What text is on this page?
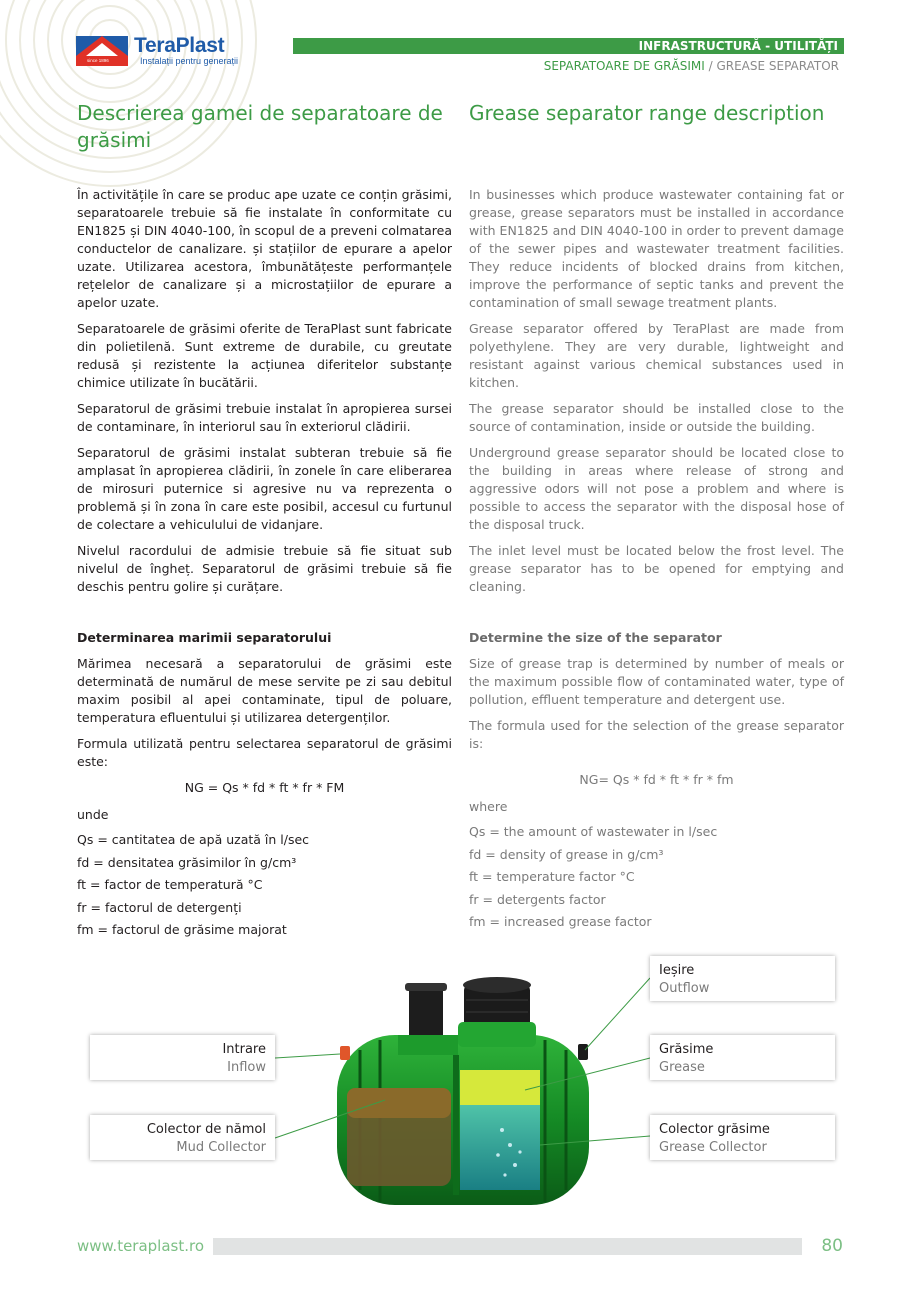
since 1896
TeraPlast
Instalații pentru generații
INFRASTRUCTURĂ - UTILITĂȚI
SEPARATOARE DE GRĂSIMI / GREASE SEPARATOR
Descrierea gamei de separatoare de grăsimi

În activitățile în care se produc ape uzate ce conțin grăsimi, separatoarele trebuie să fie instalate în conformitate cu EN1825 și DIN 4040-100, în scopul de a preveni colmatarea conductelor de canalizare. și stațiilor de epurare a apelor uzate. Utilizarea acestora, îmbunătățeste performanțele rețelelor de canalizare și a microstațiilor de epurare a apelor uzate.

Separatoarele de grăsimi oferite de TeraPlast sunt fabricate din polietilenă. Sunt extreme de durabile, cu greutate redusă și rezistente la acțiunea diferitelor substanțe chimice utilizate în bucătării.

Separatorul de grăsimi trebuie instalat în apropierea sursei de contaminare, în interiorul sau în exteriorul clădirii.

Separatorul de grăsimi instalat subteran trebuie să fie amplasat în apropierea clădirii, în zonele în care eliberarea de mirosuri puternice si agresive nu va reprezenta o problemă și în zona în care este posibil, accesul cu furtunul de colectare a vehiculului de vidanjare.

Nivelul racordului de admisie trebuie să fie situat sub nivelul de îngheț. Separatorul de grăsimi trebuie să fie deschis pentru golire și curățare.

Grease separator range description

In businesses which produce wastewater containing fat or grease, grease separators must be installed in accordance with EN1825 and DIN 4040-100 in order to prevent damage of the sewer pipes and wastewater treatment facilities. They reduce incidents of blocked drains from kitchen, improve the performance of septic tanks and prevent the contamination of small sewage treatment plants.

Grease separator offered by TeraPlast are made from polyethylene. They are very durable, lightweight and resistant against various chemical substances used in kitchen.

The grease separator should be installed close to the source of contamination, inside or outside the building.

Underground grease separator should be located close to the building in areas where release of strong and aggressive odors will not pose a problem and where is possible to access the separator with the disposal hose of the disposal truck.

The inlet level must be located below the frost level. The grease separator has to be opened for emptying and cleaning.

Determinarea marimii separatorului

Mărimea necesară a separatorului de grăsimi este determinată de numărul de mese servite pe zi sau debitul maxim posibil al apei contaminate, tipul de poluare, temperatura efluentului și utilizarea detergenților.

Formula utilizată pentru selectarea separatorul de grăsimi este:

NG = Qs * fd * ft * fr * FM
unde
Qs = cantitatea de apă uzată în l/sec
fd = densitatea grăsimilor în g/cm³
ft = factor de temperatură °C
fr = factorul de detergenți
fm = factorul de grăsime majorat
Determine the size of the separator

Size of grease trap is determined by number of meals or the maximum possible flow of contaminated water, type of pollution, effluent temperature and detergent use.

The formula used for the selection of the grease separator is:

NG= Qs * fd * ft * fr * fm
where
Qs = the amount of wastewater in l/sec
fd = density of grease in g/cm³
ft = temperature factor °C
fr = detergents factor
fm = increased grease factor
Intrare
Inflow
Colector de nămol
Mud Collector
Ieșire
Outflow
Grăsime
Grease
Colector grăsime
Grease Collector
www.teraplast.ro	80
